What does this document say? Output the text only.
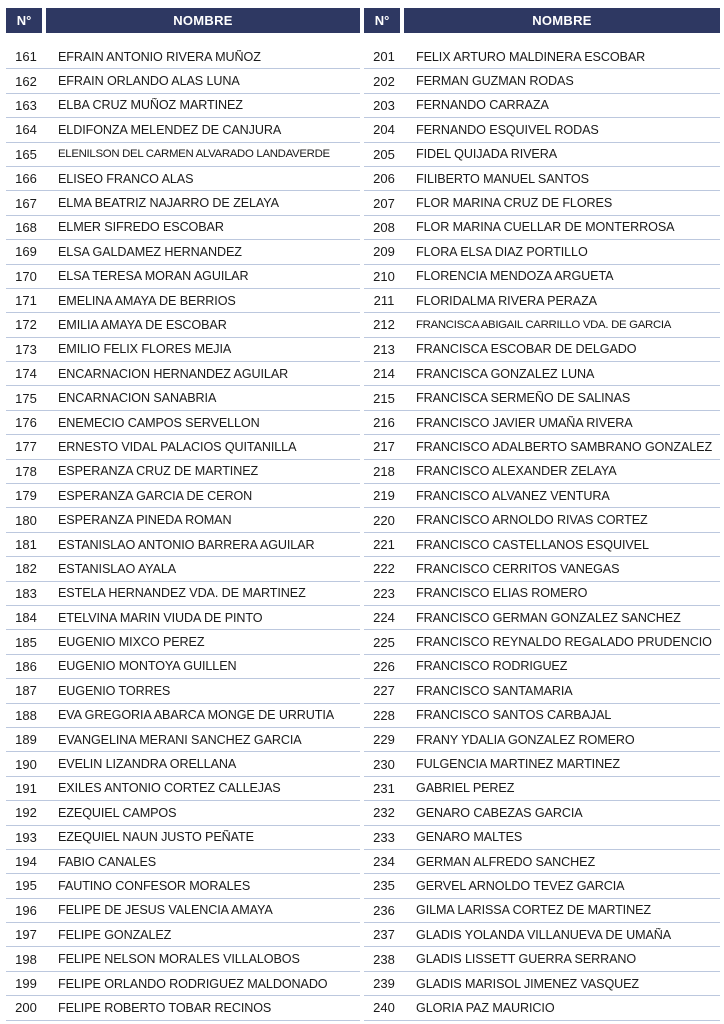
N°	NOMBRE
161	EFRAIN ANTONIO RIVERA MUÑOZ
162	EFRAIN ORLANDO ALAS LUNA
163	ELBA CRUZ MUÑOZ MARTINEZ
164	ELDIFONZA MELENDEZ DE CANJURA
165	ELENILSON DEL CARMEN ALVARADO LANDAVERDE
166	ELISEO FRANCO ALAS
167	ELMA BEATRIZ NAJARRO DE ZELAYA
168	ELMER SIFREDO ESCOBAR
169	ELSA GALDAMEZ HERNANDEZ
170	ELSA TERESA MORAN AGUILAR
171	EMELINA AMAYA DE BERRIOS
172	EMILIA AMAYA DE ESCOBAR
173	EMILIO FELIX FLORES MEJIA
174	ENCARNACION HERNANDEZ AGUILAR
175	ENCARNACION SANABRIA
176	ENEMECIO CAMPOS SERVELLON
177	ERNESTO VIDAL PALACIOS QUITANILLA
178	ESPERANZA CRUZ DE MARTINEZ
179	ESPERANZA GARCIA DE CERON
180	ESPERANZA PINEDA ROMAN
181	ESTANISLAO ANTONIO BARRERA AGUILAR
182	ESTANISLAO AYALA
183	ESTELA HERNANDEZ VDA. DE MARTINEZ
184	ETELVINA MARIN VIUDA DE PINTO
185	EUGENIO MIXCO PEREZ
186	EUGENIO MONTOYA GUILLEN
187	EUGENIO TORRES
188	EVA GREGORIA ABARCA MONGE DE URRUTIA
189	EVANGELINA MERANI SANCHEZ GARCIA
190	EVELIN LIZANDRA ORELLANA
191	EXILES ANTONIO CORTEZ CALLEJAS
192	EZEQUIEL CAMPOS
193	EZEQUIEL NAUN JUSTO PEÑATE
194	FABIO CANALES
195	FAUTINO CONFESOR MORALES
196	FELIPE DE JESUS VALENCIA AMAYA
197	FELIPE GONZALEZ
198	FELIPE NELSON MORALES VILLALOBOS
199	FELIPE ORLANDO RODRIGUEZ MALDONADO
200	FELIPE ROBERTO TOBAR RECINOS
N°	NOMBRE
201	FELIX ARTURO MALDINERA ESCOBAR
202	FERMAN GUZMAN RODAS
203	FERNANDO CARRAZA
204	FERNANDO ESQUIVEL RODAS
205	FIDEL QUIJADA RIVERA
206	FILIBERTO MANUEL SANTOS
207	FLOR MARINA CRUZ DE FLORES
208	FLOR MARINA CUELLAR DE MONTERROSA
209	FLORA ELSA DIAZ PORTILLO
210	FLORENCIA MENDOZA ARGUETA
211	FLORIDALMA RIVERA PERAZA
212	FRANCISCA ABIGAIL CARRILLO VDA. DE GARCIA
213	FRANCISCA ESCOBAR DE DELGADO
214	FRANCISCA GONZALEZ LUNA
215	FRANCISCA SERMEÑO DE SALINAS
216	FRANCISCO JAVIER UMAÑA RIVERA
217	FRANCISCO ADALBERTO SAMBRANO GONZALEZ
218	FRANCISCO ALEXANDER ZELAYA
219	FRANCISCO ALVANEZ VENTURA
220	FRANCISCO ARNOLDO RIVAS CORTEZ
221	FRANCISCO CASTELLANOS ESQUIVEL
222	FRANCISCO CERRITOS VANEGAS
223	FRANCISCO ELIAS ROMERO
224	FRANCISCO GERMAN GONZALEZ SANCHEZ
225	FRANCISCO REYNALDO REGALADO PRUDENCIO
226	FRANCISCO RODRIGUEZ
227	FRANCISCO SANTAMARIA
228	FRANCISCO SANTOS CARBAJAL
229	FRANY YDALIA GONZALEZ ROMERO
230	FULGENCIA MARTINEZ MARTINEZ
231	GABRIEL PEREZ
232	GENARO CABEZAS GARCIA
233	GENARO MALTES
234	GERMAN ALFREDO SANCHEZ
235	GERVEL ARNOLDO TEVEZ GARCIA
236	GILMA LARISSA CORTEZ DE MARTINEZ
237	GLADIS YOLANDA VILLANUEVA DE UMAÑA
238	GLADIS LISSETT GUERRA SERRANO
239	GLADIS MARISOL JIMENEZ VASQUEZ
240	GLORIA PAZ MAURICIO
